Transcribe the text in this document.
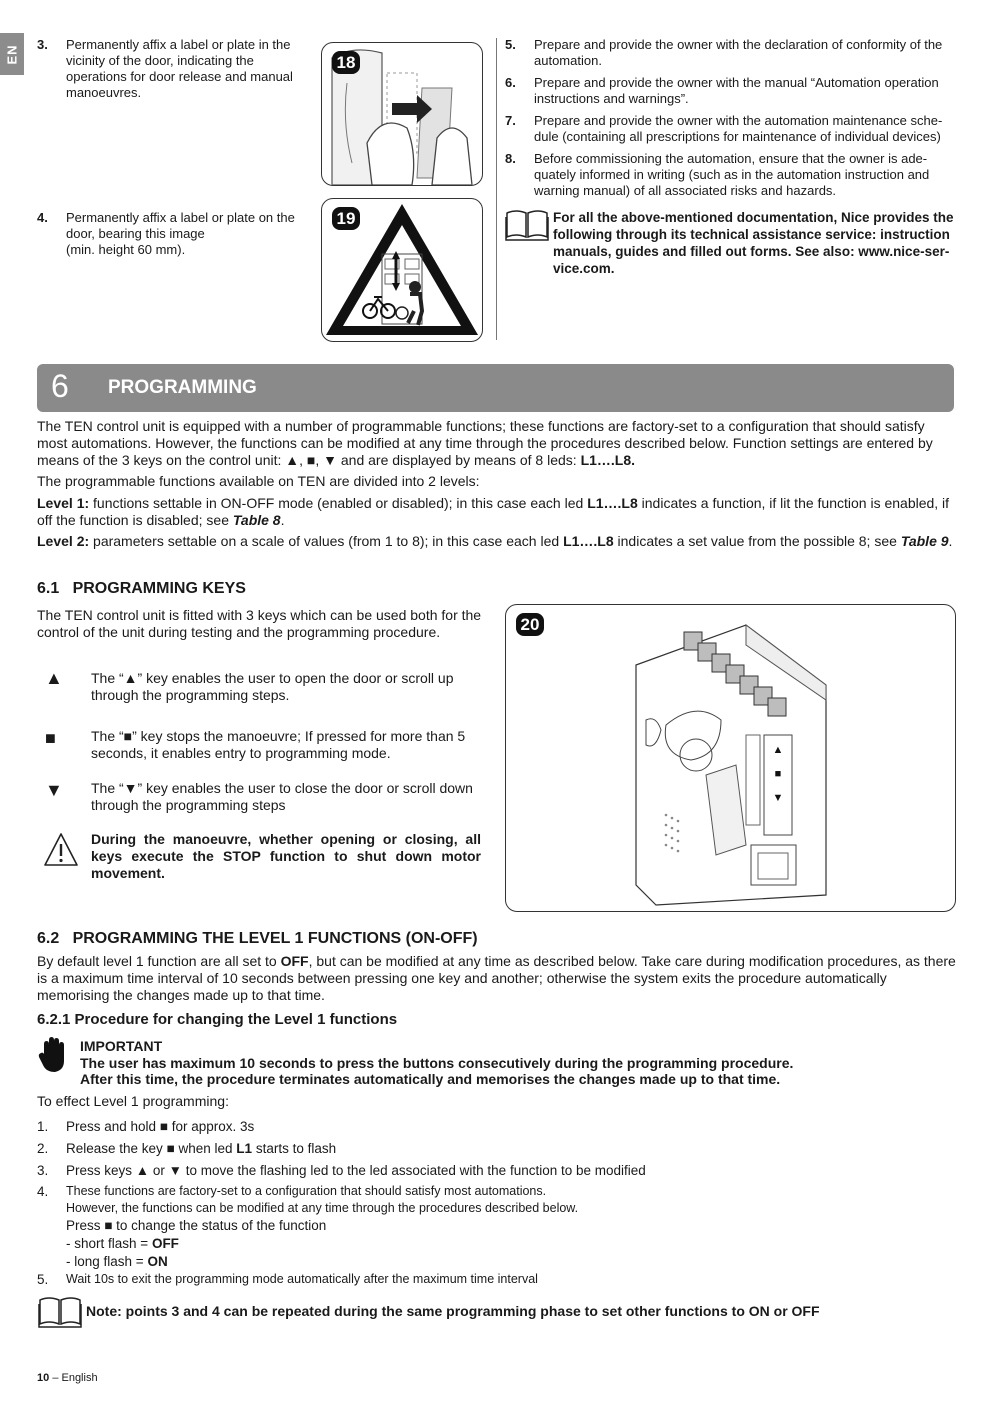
EN 3. Permanently affix a label or plate in the vicinity of the door, indicating the operations for door release and manual manoeuvres.
4. Permanently affix a label or plate on the door, bearing this image
(min. height 60 mm).
18
19
5. Prepare and provide the owner with the declaration of conformity of the automation.
6. Prepare and provide the owner with the manual “Automation operation instructions and warnings”.
7. Prepare and provide the owner with the automation maintenance schedule (containing all prescriptions for maintenance of individual devices)
8. Before commissioning the automation, ensure that the owner is adequately informed in writing (such as in the automation instruction and warning manual) of all associated risks and hazards.
For all the above-mentioned documentation, Nice provides the following through its technical assistance service: instruction manuals, guides and filled out forms. See also: www.nice-service.com.
6 PROGRAMMING
The TEN control unit is equipped with a number of programmable functions; these functions are factory-set to a configuration that should satisfy most automations. However, the functions can be modified at any time through the procedures described below. Function settings are entered by means of the 3 keys on the control unit: ▲, ■, ▼ and are displayed by means of 8 leds: L1….L8.
The programmable functions available on TEN are divided into 2 levels:
Level 1: functions settable in ON-OFF mode (enabled or disabled); in this case each led L1….L8 indicates a function, if lit the function is enabled, if off the function is disabled; see Table 8.
Level 2: parameters settable on a scale of values (from 1 to 8); in this case each led L1….L8 indicates a set value from the possible 8; see Table 9.
6.1   PROGRAMMING KEYS
The TEN control unit is fitted with 3 keys which can be used both for the control of the unit during testing and the programming procedure.
▲ The “▲” key enables the user to open the door or scroll up through the programming steps.
■	The “■” key stops the manoeuvre; If pressed for more than 5 seconds, it enables entry to programming mode.
▼ The “▼” key enables the user to close the door or scroll down through the programming steps
During the manoeuvre, whether opening or closing, all keys execute the STOP function to shut down motor movement.
▲
■
▼
20
6.2   PROGRAMMING THE LEVEL 1 FUNCTIONS (ON-OFF)
By default level 1 function are all set to OFF, but can be modified at any time as described below. Take care during modification procedures, as there is a maximum time interval of 10 seconds between pressing one key and another; otherwise the system exits the procedure automatically memorising the changes made up to that time.
6.2.1 Procedure for changing the Level 1 functions
IMPORTANT
The user has maximum 10 seconds to press the buttons consecutively during the programming procedure.
After this time, the procedure terminates automatically and memorises the changes made up to that time.
To effect Level 1 programming:
1. Press and hold ■ for approx. 3s
2. Release the key ■ when led L1 starts to flash
3. Press keys ▲ or ▼ to move the flashing led to the led associated with the function to be modified
4. These functions are factory-set to a configuration that should satisfy most automations.
However, the functions can be modified at any time through the procedures described below.
Press ■ to change the status of the function
- short flash = OFF
- long flash = ON
5. Wait 10s to exit the programming mode automatically after the maximum time interval
Note: points 3 and 4 can be repeated during the same programming phase to set other functions to ON or OFF
10 – English
